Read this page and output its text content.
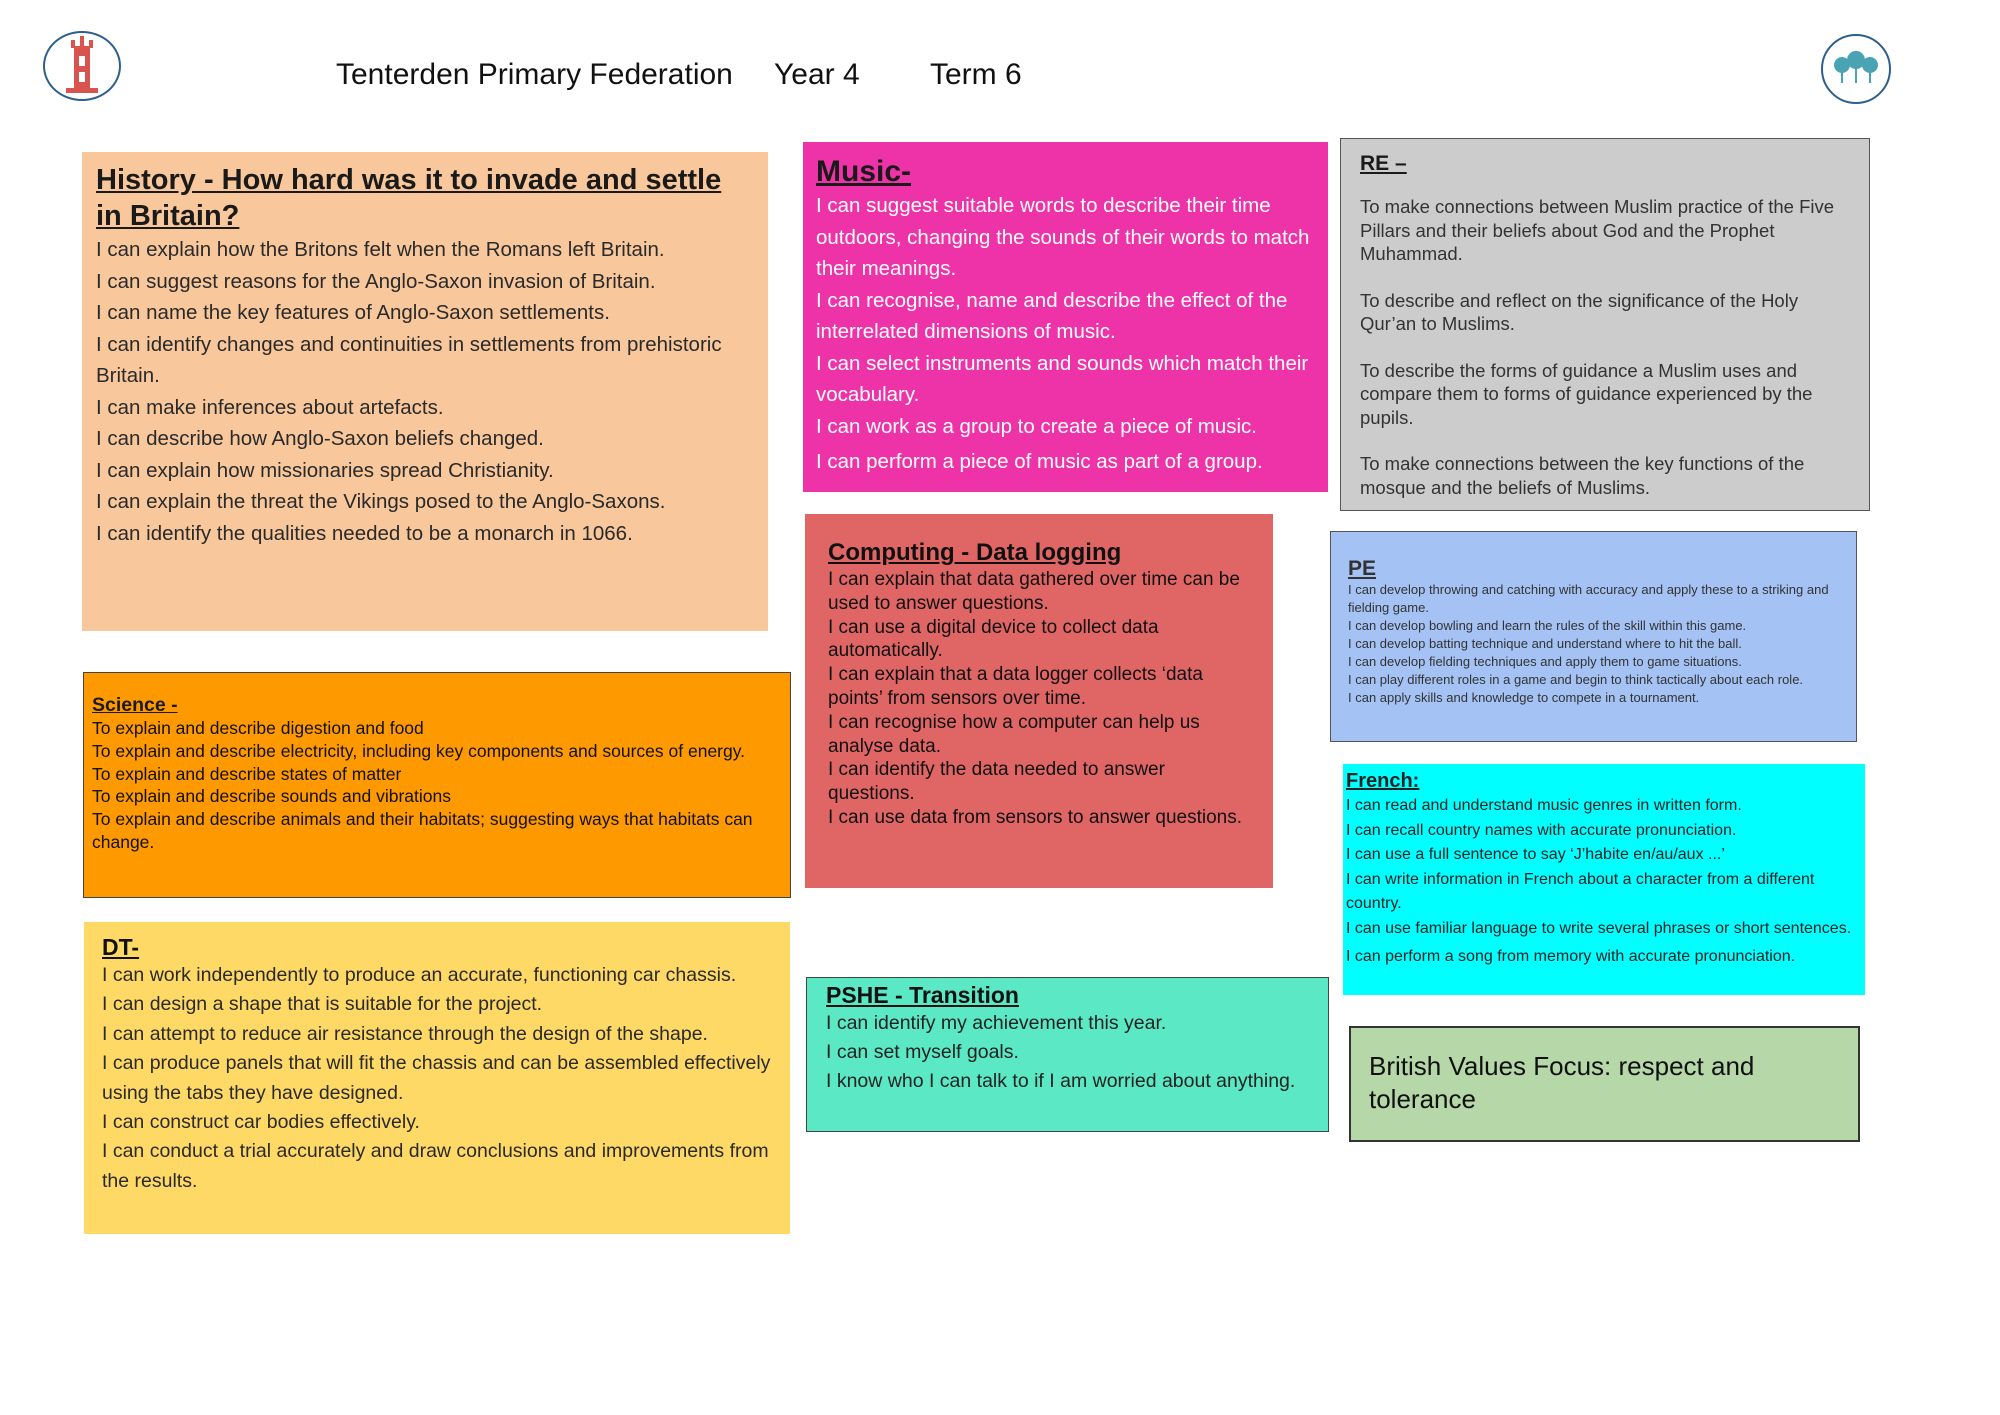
Tenterden Primary Federation Year 4 Term 6
History - How hard was it to invade and settle in Britain?

I can explain how the Britons felt when the Romans left Britain.

I can suggest reasons for the Anglo-Saxon invasion of Britain.

I can name the key features of Anglo-Saxon settlements.

I can identify changes and continuities in settlements from prehistoric Britain.

I can make inferences about artefacts.

I can describe how Anglo-Saxon beliefs changed.

I can explain how missionaries spread Christianity.

I can explain the threat the Vikings posed to the Anglo-Saxons.

I can identify the qualities needed to be a monarch in 1066.

Music-

I can suggest suitable words to describe their time outdoors, changing the sounds of their words to match their meanings.

I can recognise, name and describe the effect of the interrelated dimensions of music.

I can select instruments and sounds which match their vocabulary.

I can work as a group to create a piece of music.

I can perform a piece of music as part of a group.

RE –

To make connections between Muslim practice of the Five Pillars and their beliefs about God and the Prophet Muhammad.

To describe and reflect on the significance of the Holy Qur’an to Muslims.

To describe the forms of guidance a Muslim uses and compare them to forms of guidance experienced by the pupils.

To make connections between the key functions of the mosque and the beliefs of Muslims.

Science -

To explain and describe digestion and food

To explain and describe electricity, including key components and sources of energy.

To explain and describe states of matter

To explain and describe sounds and vibrations

To explain and describe animals and their habitats; suggesting ways that habitats can change.

Computing - Data logging

I can explain that data gathered over time can be used to answer questions.

I can use a digital device to collect data automatically.

I can explain that a data logger collects ‘data points’ from sensors over time.

I can recognise how a computer can help us analyse data.

I can identify the data needed to answer questions.

I can use data from sensors to answer questions.

PE

I can develop throwing and catching with accuracy and apply these to a striking and fielding game.

I can develop bowling and learn the rules of the skill within this game.

I can develop batting technique and understand where to hit the ball.

I can develop fielding techniques and apply them to game situations.

I can play different roles in a game and begin to think tactically about each role.

I can apply skills and knowledge to compete in a tournament.

French:

I can read and understand music genres in written form.

I can recall country names with accurate pronunciation.

I can use a full sentence to say ‘J’habite en/au/aux ...’

I can write information in French about a character from a different country.

I can use familiar language to write several phrases or short sentences.

I can perform a song from memory with accurate pronunciation.

DT-

I can work independently to produce an accurate, functioning car chassis.

I can design a shape that is suitable for the project.

I can attempt to reduce air resistance through the design of the shape.

I can produce panels that will fit the chassis and can be assembled effectively using the tabs they have designed.

I can construct car bodies effectively.

I can conduct a trial accurately and draw conclusions and improvements from the results.

PSHE - Transition

I can identify my achievement this year.

I can set myself goals.

I know who I can talk to if I am worried about anything.	British Values Focus: respect and tolerance
